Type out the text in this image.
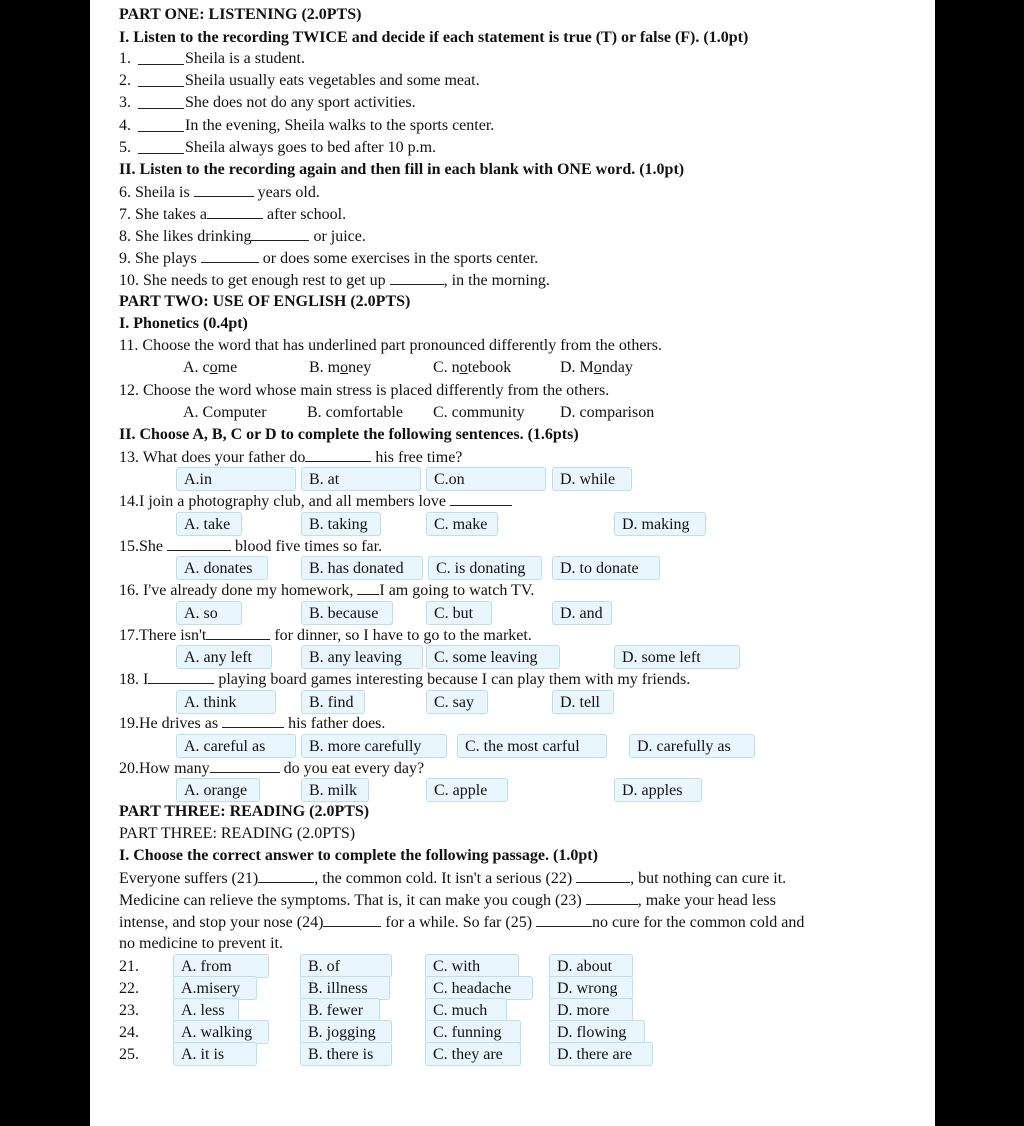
PART ONE: LISTENING (2.0PTS)
I. Listen to the recording TWICE and decide if each statement is true (T) or false (F). (1.0pt)
1.	Sheila is a student.
2.	Sheila usually eats vegetables and some meat.
3.	She does not do any sport activities.
4.	In the evening, Sheila walks to the sports center.
5.	Sheila always goes to bed after 10 p.m.
II. Listen to the recording again and then fill in each blank with ONE word. (1.0pt)
6. Sheila is	years old.
7. She takes a	after school.
8. She likes drinking	or juice.
9. She plays	or does some exercises in the sports center.
10. She needs to get enough rest to get up	, in the morning.
PART TWO: USE OF ENGLISH (2.0PTS)
I. Phonetics (0.4pt)
11. Choose the word that has underlined part pronounced differently from the others.
A. come	B. money	C. notebook	D. Monday
12. Choose the word whose main stress is placed differently from the others.
A. Computer	B. comfortable C. community D. comparison
II. Choose A, B, C or D to complete the following sentences. (1.6pts)
13. What does your father do	his free time?
A.in	B. at	C.on	D. while
14.I join a photography club, and all members love
A. take	B. taking	C. make	D. making
15.She	blood five times so far.
A. donates	B. has donated	C. is donating	D. to donate
16. I've already done my homework, I am going to watch TV.
A. so	B. because	C. but	D. and
17.There isn't	for dinner, so I have to go to the market.
A. any left	B. any leaving	C. some leaving	D. some left
18. I	playing board games interesting because I can play them with my friends.
A. think	B. find	C. say	D. tell
19.He drives as	his father does.
A. careful as	B. more carefully	C. the most carful	D. carefully as
20.How many	do you eat every day?
A. orange	B. milk	C. apple	D. apples
PART THREE: READING (2.0PTS)
PART THREE: READING (2.0PTS)
I. Choose the correct answer to complete the following passage. (1.0pt)
Everyone suffers (21)	, the common cold. It isn't a serious (22)	, but nothing can cure it.
Medicine can relieve the symptoms. That is, it can make you cough (23)	, make your head less
intense, and stop your nose (24)	for a while. So far (25)	no cure for the common cold and
no medicine to prevent it.
21.	A. from	B. of	C. with	D. about
22.	A.misery	B. illness	C. headache	D. wrong
23.	A. less	B. fewer	C. much	D. more
24.	A. walking	B. jogging	C. funning	D. flowing
25.	A. it is	B. there is	C. they are	D. there are
